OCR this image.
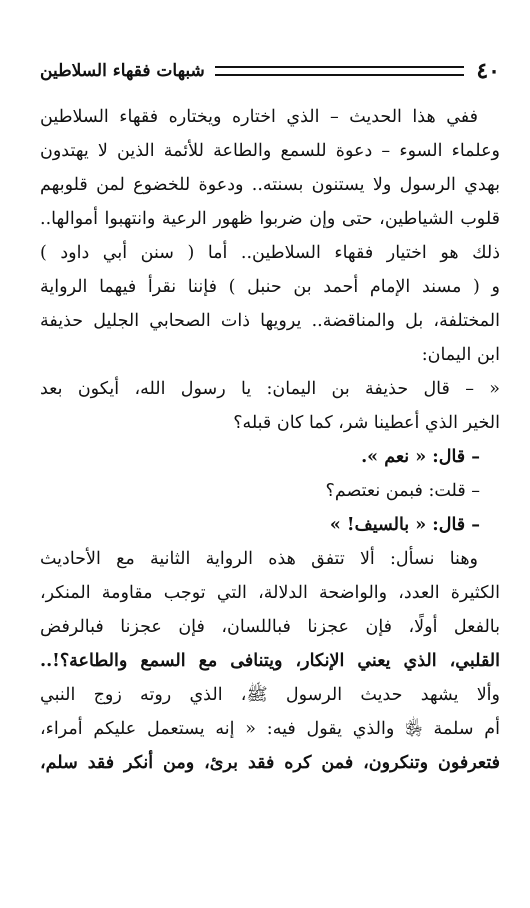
٤٠
شبهات فقهاء السلاطين
ففي هذا الحديث – الذي اختاره ويختاره فقهاء السلاطين
وعلماء السوء – دعوة للسمع والطاعة للأئمة الذين لا يهتدون
بهدي الرسول ولا يستنون بسنته.. ودعوة للخضوع لمن قلوبهم
قلوب الشياطين، حتى وإن ضربوا ظهور الرعية وانتهبوا أموالها..
ذلك هو اختيار فقهاء السلاطين.. أما ( سنن أبي داود )
و ( مسند الإمام أحمد بن حنبل ) فإننا نقرأ فيهما الرواية
المختلفة، بل والمناقضة.. يرويها ذات الصحابي الجليل حذيفة
ابن اليمان:
« – قال حذيفة بن اليمان: يا رسول الله، أيكون بعد
الخير الذي أعطينا شر، كما كان قبله؟
– قال: « نعم ».
– قلت: فبمن نعتصم؟
– قال: « بالسيف! »
وهنا نسأل: ألا تتفق هذه الرواية الثانية مع الأحاديث
الكثيرة العدد، والواضحة الدلالة، التي توجب مقاومة المنكر،
بالفعل أولًا، فإن عجزنا فباللسان، فإن عجزنا فبالرفض
القلبي، الذي يعني الإنكار، ويتنافى مع السمع والطاعة؟!..
وألا يشهد حديث الرسول ﷺ، الذي روته زوج النبي
أم سلمة ﵂ والذي يقول فيه: « إنه يستعمل عليكم أمراء،
فتعرفون وتنكرون، فمن كره فقد برئ، ومن أنكر فقد سلم،
